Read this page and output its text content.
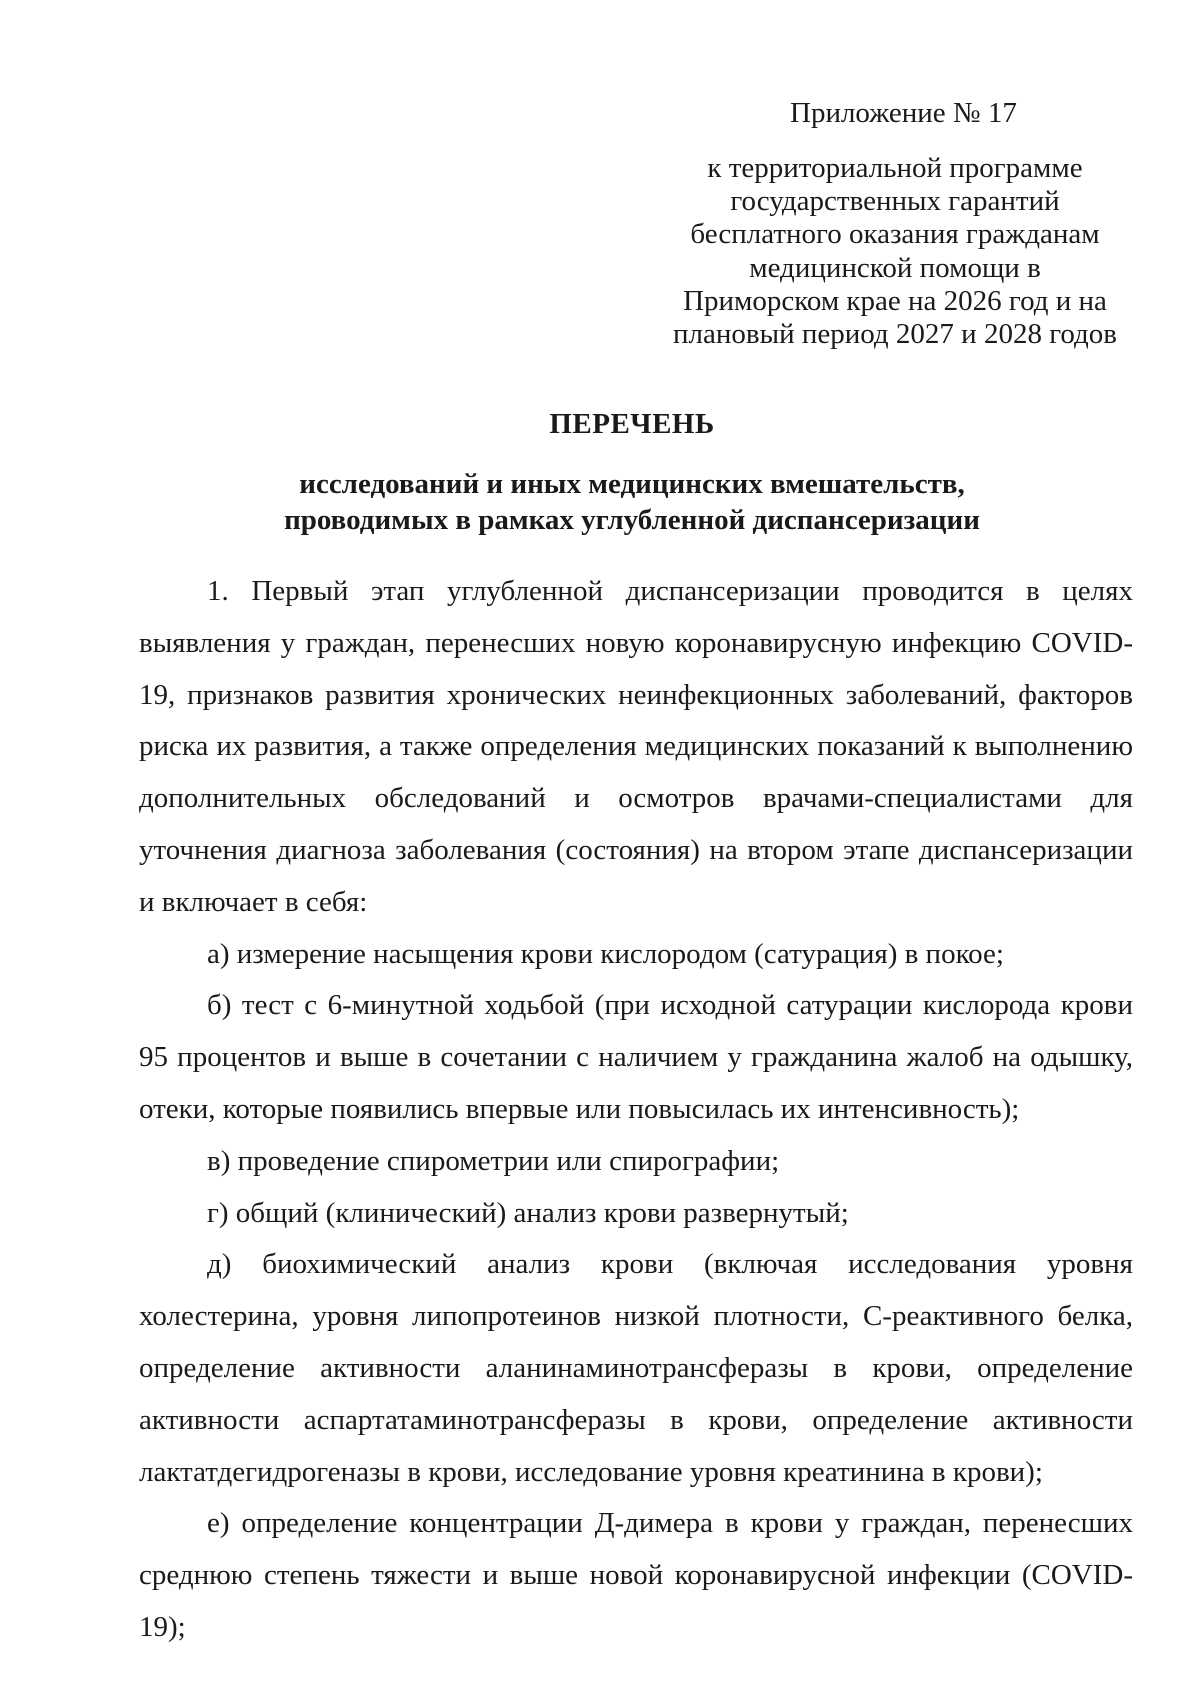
Приложение № 17
к территориальной программе
государственных гарантий
бесплатного оказания гражданам
медицинской помощи в
Приморском крае на 2026 год и на
плановый период 2027 и 2028 годов
ПЕРЕЧЕНЬ
исследований и иных медицинских вмешательств,
проводимых в рамках углубленной диспансеризации

1. Первый этап углубленной диспансеризации проводится в целях выявления у граждан, перенесших новую коронавирусную инфекцию COVID-19, признаков развития хронических неинфекционных заболеваний, факторов риска их развития, а также определения медицинских показаний к выполнению дополнительных обследований и осмотров врачами-специалистами для уточнения диагноза заболевания (состояния) на втором этапе диспансеризации и включает в себя:

а) измерение насыщения крови кислородом (сатурация) в покое;

б) тест с 6-минутной ходьбой (при исходной сатурации кислорода крови 95 процентов и выше в сочетании с наличием у гражданина жалоб на одышку, отеки, которые появились впервые или повысилась их интенсивность);

в) проведение спирометрии или спирографии;

г) общий (клинический) анализ крови развернутый;

д) биохимический анализ крови (включая исследования уровня холестерина, уровня липопротеинов низкой плотности, С-реактивного белка, определение активности аланинаминотрансферазы в крови, определение активности аспартатаминотрансферазы в крови, определение активности лактатдегидрогеназы в крови, исследование уровня креатинина в крови);

е) определение концентрации Д-димера в крови у граждан, перенесших среднюю степень тяжести и выше новой коронавирусной инфекции (COVID-19);
